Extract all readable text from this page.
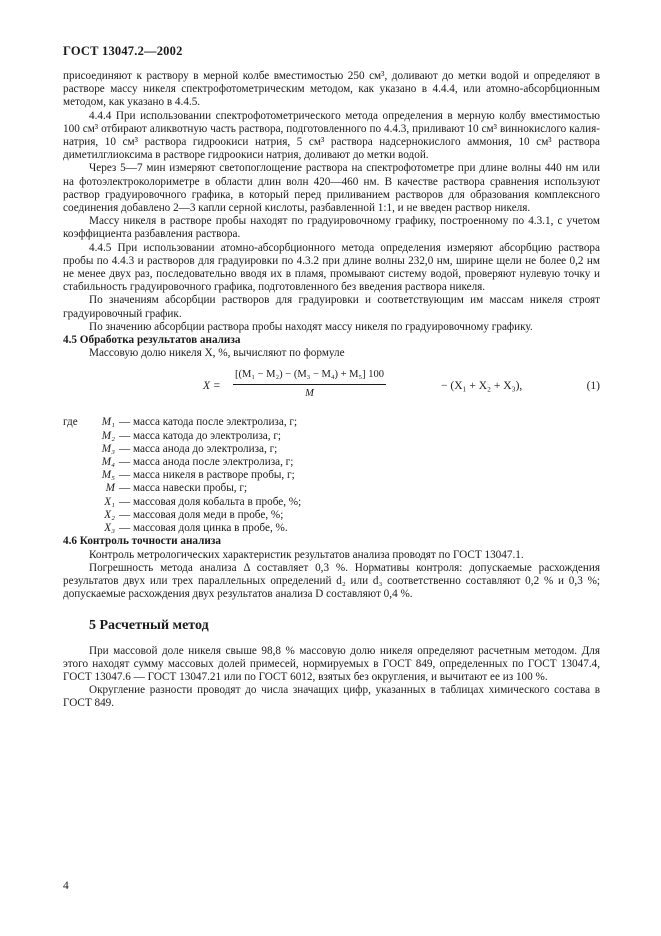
ГОСТ 13047.2—2002

присоединяют к раствору в мерной колбе вместимостью 250 см³, доливают до метки водой и определяют в растворе массу никеля спектрофотометрическим методом, как указано в 4.4.4, или атомно-абсорбционным методом, как указано в 4.4.5.

4.4.4 При использовании спектрофотометрического метода определения в мерную колбу вместимостью 100 см³ отбирают аликвотную часть раствора, подготовленного по 4.4.3, приливают 10 см³ виннокислого калия-натрия, 10 см³ раствора гидроокиси натрия, 5 см³ раствора надсернокислого аммония, 10 см³ раствора диметилглиоксима в растворе гидроокиси натрия, доливают до метки водой.

Через 5—7 мин измеряют светопоглощение раствора на спектрофотометре при длине волны 440 нм или на фотоэлектроколориметре в области длин волн 420—460 нм. В качестве раствора сравнения используют раствор градуировочного графика, в который перед приливанием растворов для образования комплексного соединения добавлено 2—3 капли серной кислоты, разбавленной 1:1, и не введен раствор никеля.

Массу никеля в растворе пробы находят по градуировочному графику, построенному по 4.3.1, с учетом коэффициента разбавления раствора.

4.4.5 При использовании атомно-абсорбционного метода определения измеряют абсорбцию раствора пробы по 4.4.3 и растворов для градуировки по 4.3.2 при длине волны 232,0 нм, ширине щели не более 0,2 нм не менее двух раз, последовательно вводя их в пламя, промывают систему водой, проверяют нулевую точку и стабильность градуировочного графика, подготовленного без введения раствора никеля.

По значениям абсорбции растворов для градуировки и соответствующим им массам никеля строят градуировочный график.

По значению абсорбции раствора пробы находят массу никеля по градуировочному графику.

4.5 Обработка результатов анализа

Массовую долю никеля X, %, вычисляют по формуле

$X = \frac{\text{[(M₁ − M₂) − (M₃ − M₄) + M₅] 100}}{M}$	− (X₁ + X₂ + X₃),	(1)
где	M₁ — масса катода после электролиза, г;
M₂ — масса катода до электролиза, г;
M₃ — масса анода до электролиза, г;
M₄ — масса анода после электролиза, г;
M₅ — масса никеля в растворе пробы, г;
M — масса навески пробы, г;
X₁ — массовая доля кобальта в пробе, %;
X₂ — массовая доля меди в пробе, %;
X₃ — массовая доля цинка в пробе, %.

4.6 Контроль точности анализа

Контроль метрологических характеристик результатов анализа проводят по ГОСТ 13047.1.

Погрешность метода анализа Δ составляет 0,3 %. Нормативы контроля: допускаемые расхождения результатов двух или трех параллельных определений d₂ или d₃ соответственно составляют 0,2 % и 0,3 %; допускаемые расхождения двух результатов анализа D составляют 0,4 %.

5 Расчетный метод

При массовой доле никеля свыше 98,8 % массовую долю никеля определяют расчетным методом. Для этого находят сумму массовых долей примесей, нормируемых в ГОСТ 849, определенных по ГОСТ 13047.4, ГОСТ 13047.6 — ГОСТ 13047.21 или по ГОСТ 6012, взятых без округления, и вычитают ее из 100 %.

Округление разности проводят до числа значащих цифр, указанных в таблицах химического состава в ГОСТ 849.

4
